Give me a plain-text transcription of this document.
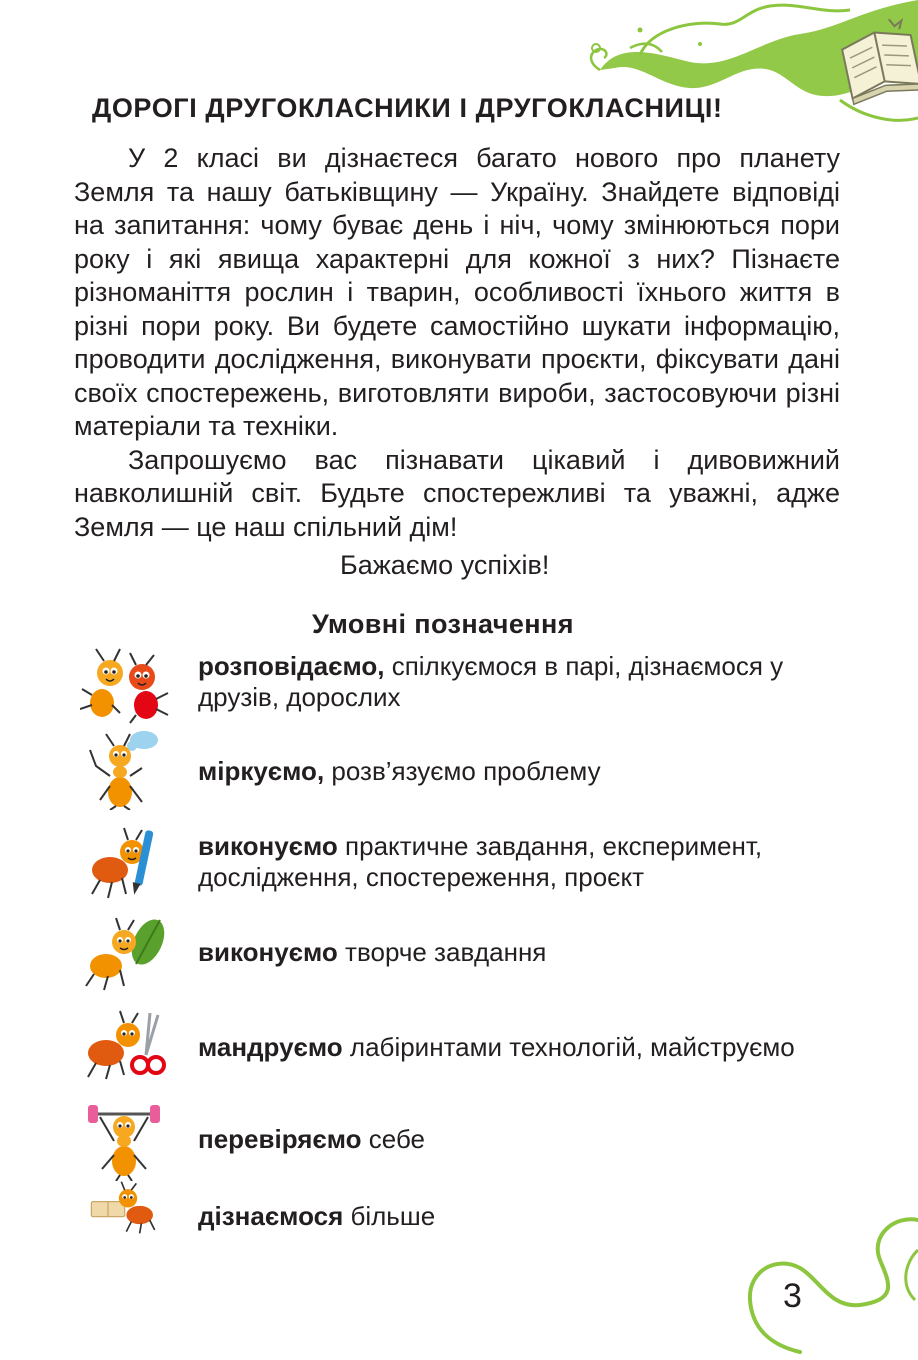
ДОРОГІ ДРУГОКЛАСНИКИ І ДРУГОКЛАСНИЦІ!

У 2 класі ви дізнаєтеся багато нового про планету Земля та нашу батьківщину — Україну. Знайдете відповіді на запитання: чому буває день і ніч, чому змінюються пори року і які явища характерні для кожної з них? Пізнаєте різноманіття рослин і тварин, особливості їхнього життя в різні пори року. Ви будете самостійно шукати інформацію, проводити дослідження, виконувати проєкти, фіксувати дані своїх спостережень, виготовляти вироби, застосовуючи різні матеріали та техніки.

Запрошуємо вас пізнавати цікавий і дивовижний навколишній світ. Будьте спостережливі та уважні, адже Земля — це наш спільний дім!

Бажаємо успіхів!
Умовні позначення
розповідаємо, спілкуємося в парі, дізнаємося у друзів, дорослих
міркуємо, розв’язуємо проблему
виконуємо практичне завдання, експеримент, дослідження, спостереження, проєкт
виконуємо творче завдання
мандруємо лабіринтами технологій, майструємо
перевіряємо себе
дізнаємося більше
3
